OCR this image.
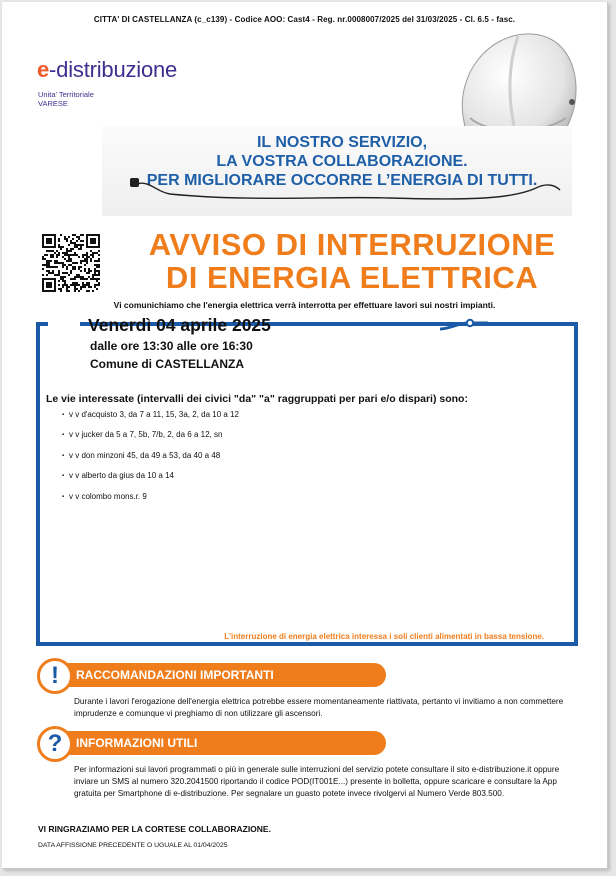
CITTA' DI CASTELLANZA (c_c139) - Codice AOO: Cast4 - Reg. nr.0008007/2025 del 31/03/2025 - Cl. 6.5 - fasc.
e-distribuzione
Unita' Territoriale
VARESE
IL NOSTRO SERVIZIO,
LA VOSTRA COLLABORAZIONE.
PER MIGLIORARE OCCORRE L’ENERGIA DI TUTTI.
AVVISO DI INTERRUZIONE
DI ENERGIA ELETTRICA
Vi comunichiamo che l'energia elettrica verrà interrotta per effettuare lavori sui nostri impianti.
Venerdì 04 aprile 2025
dalle ore 13:30 alle ore 16:30
Comune di CASTELLANZA
Le vie interessate (intervalli dei civici "da" "a" raggruppati per pari e/o dispari) sono:
▪ v v d'acquisto 3, da 7 a 11, 15, 3a, 2, da 10 a 12
▪ v v jucker da 5 a 7, 5b, 7/b, 2, da 6 a 12, sn
▪ v v don minzoni 45, da 49 a 53, da 40 a 48
▪ v v alberto da gius da 10 a 14
▪ v v colombo mons.r. 9
L'interruzione di energia elettrica interessa i soli clienti alimentati in bassa tensione.
RACCOMANDAZIONI IMPORTANTI
!
Durante i lavori l'erogazione dell'energia elettrica potrebbe essere momentaneamente riattivata, pertanto vi invitiamo a non commettere imprudenze e comunque vi preghiamo di non utilizzare gli ascensori.
INFORMAZIONI UTILI
?
Per informazioni sui lavori programmati o più in generale sulle interruzioni del servizio potete consultare il sito e-distribuzione.it oppure inviare un SMS al numero 320.2041500 riportando il codice POD(IT001E...) presente in bolletta, oppure scaricare e consultare la App gratuita per Smartphone di e-distribuzione. Per segnalare un guasto potete invece rivolgervi al Numero Verde 803.500.
VI RINGRAZIAMO PER LA CORTESE COLLABORAZIONE.
DATA AFFISSIONE PRECEDENTE O UGUALE AL 01/04/2025
